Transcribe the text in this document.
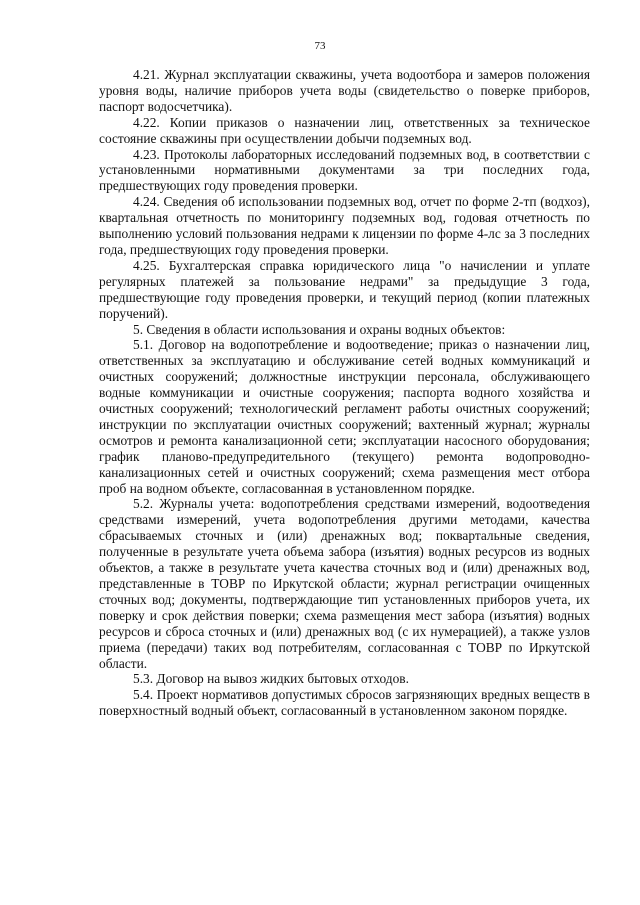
73

4.21. Журнал эксплуатации скважины, учета водоотбора и замеров положения уровня воды, наличие приборов учета воды (свидетельство о поверке приборов, паспорт водосчетчика).

4.22. Копии приказов о назначении лиц, ответственных за техническое состояние скважины при осуществлении добычи подземных вод.

4.23. Протоколы лабораторных исследований подземных вод, в соответствии с установленными нормативными документами за три последних года, предшествующих году проведения проверки.

4.24. Сведения об использовании подземных вод, отчет по форме 2-тп (водхоз), квартальная отчетность по мониторингу подземных вод, годовая отчетность по выполнению условий пользования недрами к лицензии по форме 4-лс за 3 последних года, предшествующих году проведения проверки.

4.25. Бухгалтерская справка юридического лица "о начислении и уплате регулярных платежей за пользование недрами" за предыдущие 3 года, предшествующие году проведения проверки, и текущий период (копии платежных поручений).

5. Сведения в области использования и охраны водных объектов:

5.1. Договор на водопотребление и водоотведение; приказ о назначении лиц, ответственных за эксплуатацию и обслуживание сетей водных коммуникаций и очистных сооружений; должностные инструкции персонала, обслуживающего водные коммуникации и очистные сооружения; паспорта водного хозяйства и очистных сооружений; технологический регламент работы очистных сооружений; инструкции по эксплуатации очистных сооружений; вахтенный журнал; журналы осмотров и ремонта канализационной сети; эксплуатации насосного оборудования; график планово-предупредительного (текущего) ремонта водопроводно-канализационных сетей и очистных сооружений; схема размещения мест отбора проб на водном объекте, согласованная в установленном порядке.

5.2. Журналы учета: водопотребления средствами измерений, водоотведения средствами измерений, учета водопотребления другими методами, качества сбрасываемых сточных и (или) дренажных вод; поквартальные сведения, полученные в результате учета объема забора (изъятия) водных ресурсов из водных объектов, а также в результате учета качества сточных вод и (или) дренажных вод, представленные в ТОВР по Иркутской области; журнал регистрации очищенных сточных вод; документы, подтверждающие тип установленных приборов учета, их поверку и срок действия поверки; схема размещения мест забора (изъятия) водных ресурсов и сброса сточных и (или) дренажных вод (с их нумерацией), а также узлов приема (передачи) таких вод потребителям, согласованная с ТОВР по Иркутской области.

5.3. Договор на вывоз жидких бытовых отходов.

5.4. Проект нормативов допустимых сбросов загрязняющих вредных веществ в поверхностный водный объект, согласованный в установленном законом порядке.
